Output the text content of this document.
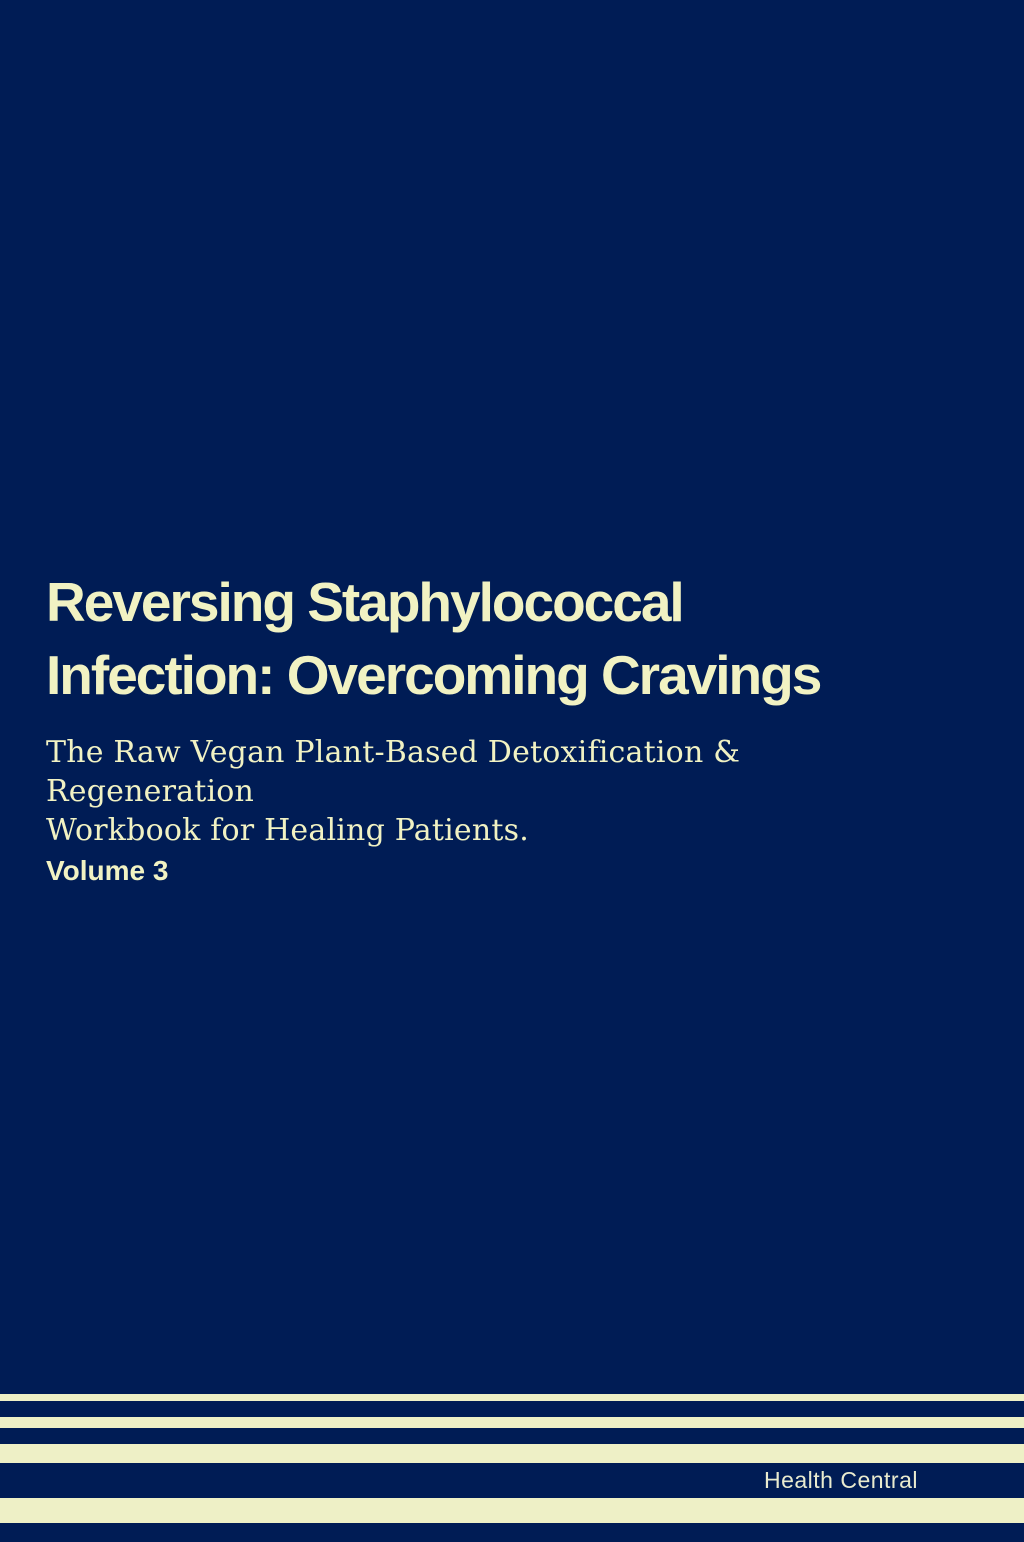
Reversing Staphylococcal
Infection: Overcoming Cravings
The Raw Vegan Plant-Based Detoxification & Regeneration
Workbook for Healing Patients.
Volume 3
Health Central
